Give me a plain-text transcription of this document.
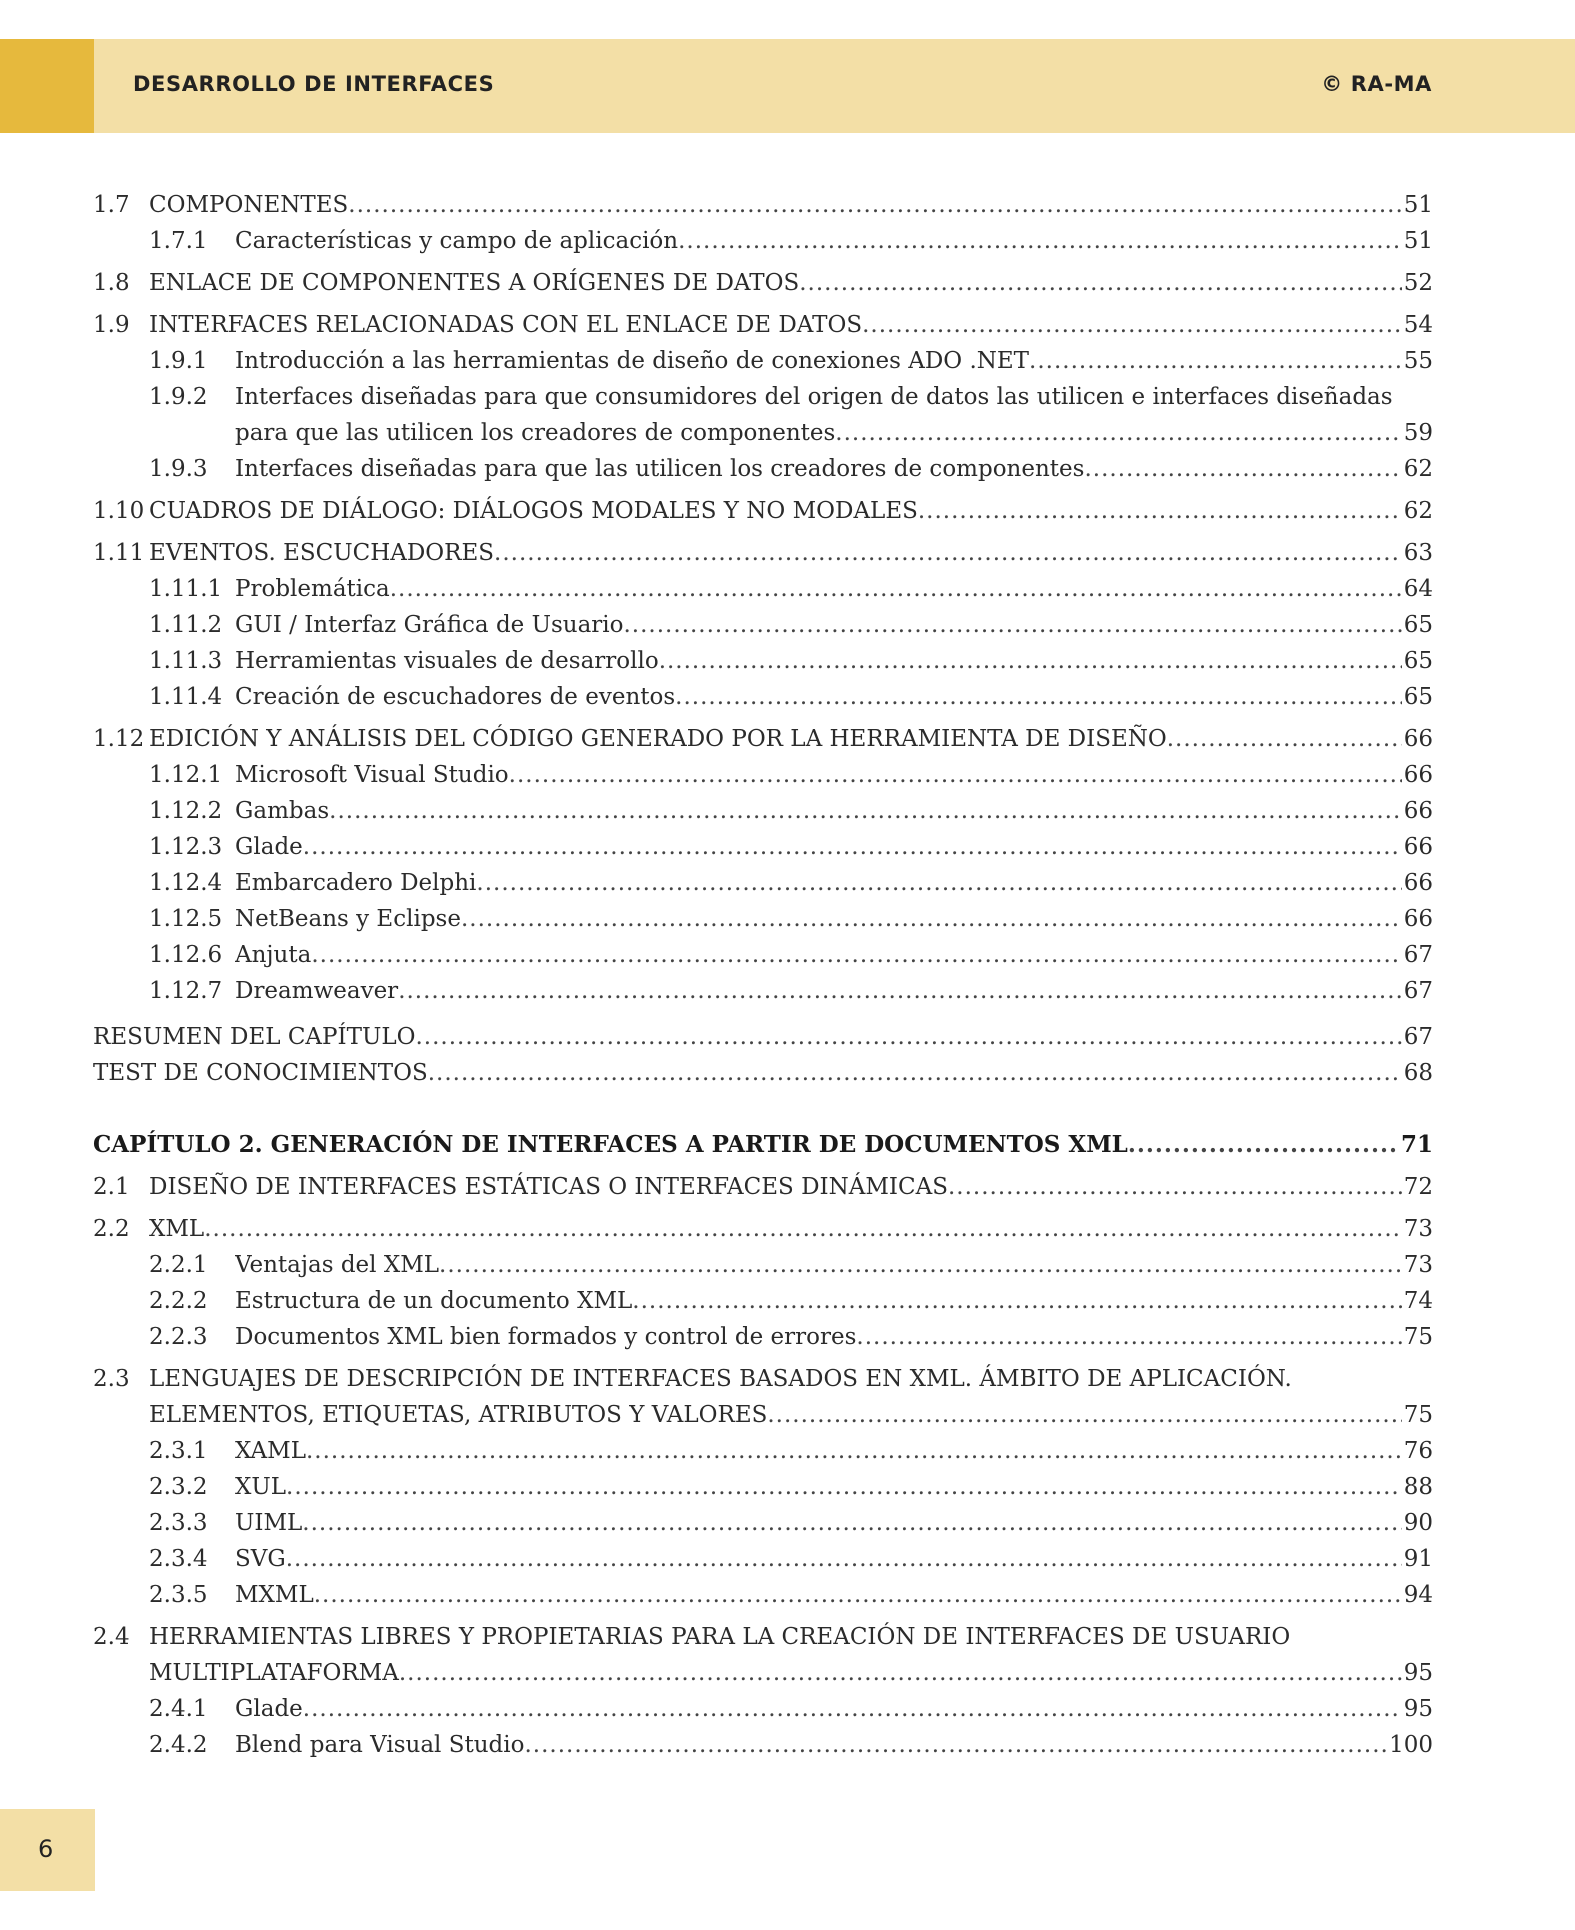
DESARROLLO DE INTERFACES	© RA-MA
1.7 COMPONENTES .....	51
1.7.1 Características y campo de aplicación .....	51
1.8 ENLACE DE COMPONENTES A ORÍGENES DE DATOS .....	52
1.9 INTERFACES RELACIONADAS CON EL ENLACE DE DATOS .....	54
1.9.1 Introducción a las herramientas de diseño de conexiones ADO .NET .....	55
1.9.2 Interfaces diseñadas para que consumidores del origen de datos las utilicen e interfaces diseñadas
para que las utilicen los creadores de componentes .....	59
1.9.3 Interfaces diseñadas para que las utilicen los creadores de componentes .....	62
1.10 CUADROS DE DIÁLOGO: DIÁLOGOS MODALES Y NO MODALES .....	62
1.11 EVENTOS. ESCUCHADORES .....	63
1.11.1 Problemática .....	64
1.11.2 GUI / Interfaz Gráfica de Usuario .....	65
1.11.3 Herramientas visuales de desarrollo .....	65
1.11.4 Creación de escuchadores de eventos .....	65
1.12 EDICIÓN Y ANÁLISIS DEL CÓDIGO GENERADO POR LA HERRAMIENTA DE DISEÑO .....	66
1.12.1 Microsoft Visual Studio .....	66
1.12.2 Gambas .....	66
1.12.3 Glade .....	66
1.12.4 Embarcadero Delphi .....	66
1.12.5 NetBeans y Eclipse .....	66
1.12.6 Anjuta .....	67
1.12.7 Dreamweaver .....	67
RESUMEN DEL CAPÍTULO .....	67
TEST DE CONOCIMIENTOS .....	68
CAPÍTULO 2. GENERACIÓN DE INTERFACES A PARTIR DE DOCUMENTOS XML .....	71
2.1 DISEÑO DE INTERFACES ESTÁTICAS O INTERFACES DINÁMICAS .....	72
2.2 XML .....	73
2.2.1 Ventajas del XML .....	73
2.2.2 Estructura de un documento XML .....	74
2.2.3 Documentos XML bien formados y control de errores .....	75
2.3 LENGUAJES DE DESCRIPCIÓN DE INTERFACES BASADOS EN XML. ÁMBITO DE APLICACIÓN.
ELEMENTOS, ETIQUETAS, ATRIBUTOS Y VALORES .....	75
2.3.1 XAML .....	76
2.3.2 XUL .....	88
2.3.3 UIML .....	90
2.3.4 SVG .....	91
2.3.5 MXML .....	94
2.4 HERRAMIENTAS LIBRES Y PROPIETARIAS PARA LA CREACIÓN DE INTERFACES DE USUARIO
MULTIPLATAFORMA .....	95
2.4.1 Glade .....	95
2.4.2 Blend para Visual Studio .....	100
6
